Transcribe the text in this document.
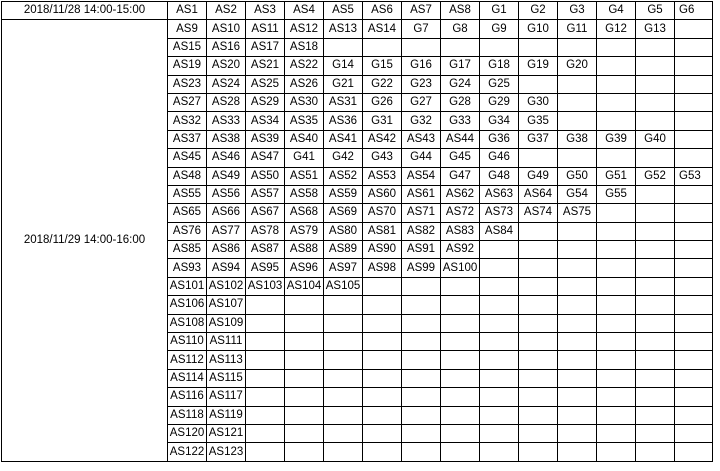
2018/11/28 14:00-15:00	AS1	AS2	AS3	AS4	AS5	AS6	AS7	AS8	G1	G2	G3	G4	G5	G6
2018/11/29 14:00-16:00	AS9	AS10	AS11	AS12	AS13	AS14	G7	G8	G9	G10	G11	G12	G13	
	AS15	AS16	AS17	AS18										
	AS19	AS20	AS21	AS22	G14	G15	G16	G17	G18	G19	G20			
	AS23	AS24	AS25	AS26	G21	G22	G23	G24	G25					
	AS27	AS28	AS29	AS30	AS31	G26	G27	G28	G29	G30				
	AS32	AS33	AS34	AS35	AS36	G31	G32	G33	G34	G35				
	AS37	AS38	AS39	AS40	AS41	AS42	AS43	AS44	G36	G37	G38	G39	G40	
	AS45	AS46	AS47	G41	G42	G43	G44	G45	G46					
	AS48	AS49	AS50	AS51	AS52	AS53	AS54	G47	G48	G49	G50	G51	G52	G53
	AS55	AS56	AS57	AS58	AS59	AS60	AS61	AS62	AS63	AS64	G54	G55		
	AS65	AS66	AS67	AS68	AS69	AS70	AS71	AS72	AS73	AS74	AS75			
	AS76	AS77	AS78	AS79	AS80	AS81	AS82	AS83	AS84					
	AS85	AS86	AS87	AS88	AS89	AS90	AS91	AS92						
	AS93	AS94	AS95	AS96	AS97	AS98	AS99	AS100						
	AS101	AS102	AS103	AS104	AS105									
	AS106	AS107												
	AS108	AS109												
	AS110	AS111												
	AS112	AS113												
	AS114	AS115												
	AS116	AS117												
	AS118	AS119												
	AS120	AS121												
	AS122	AS123												
